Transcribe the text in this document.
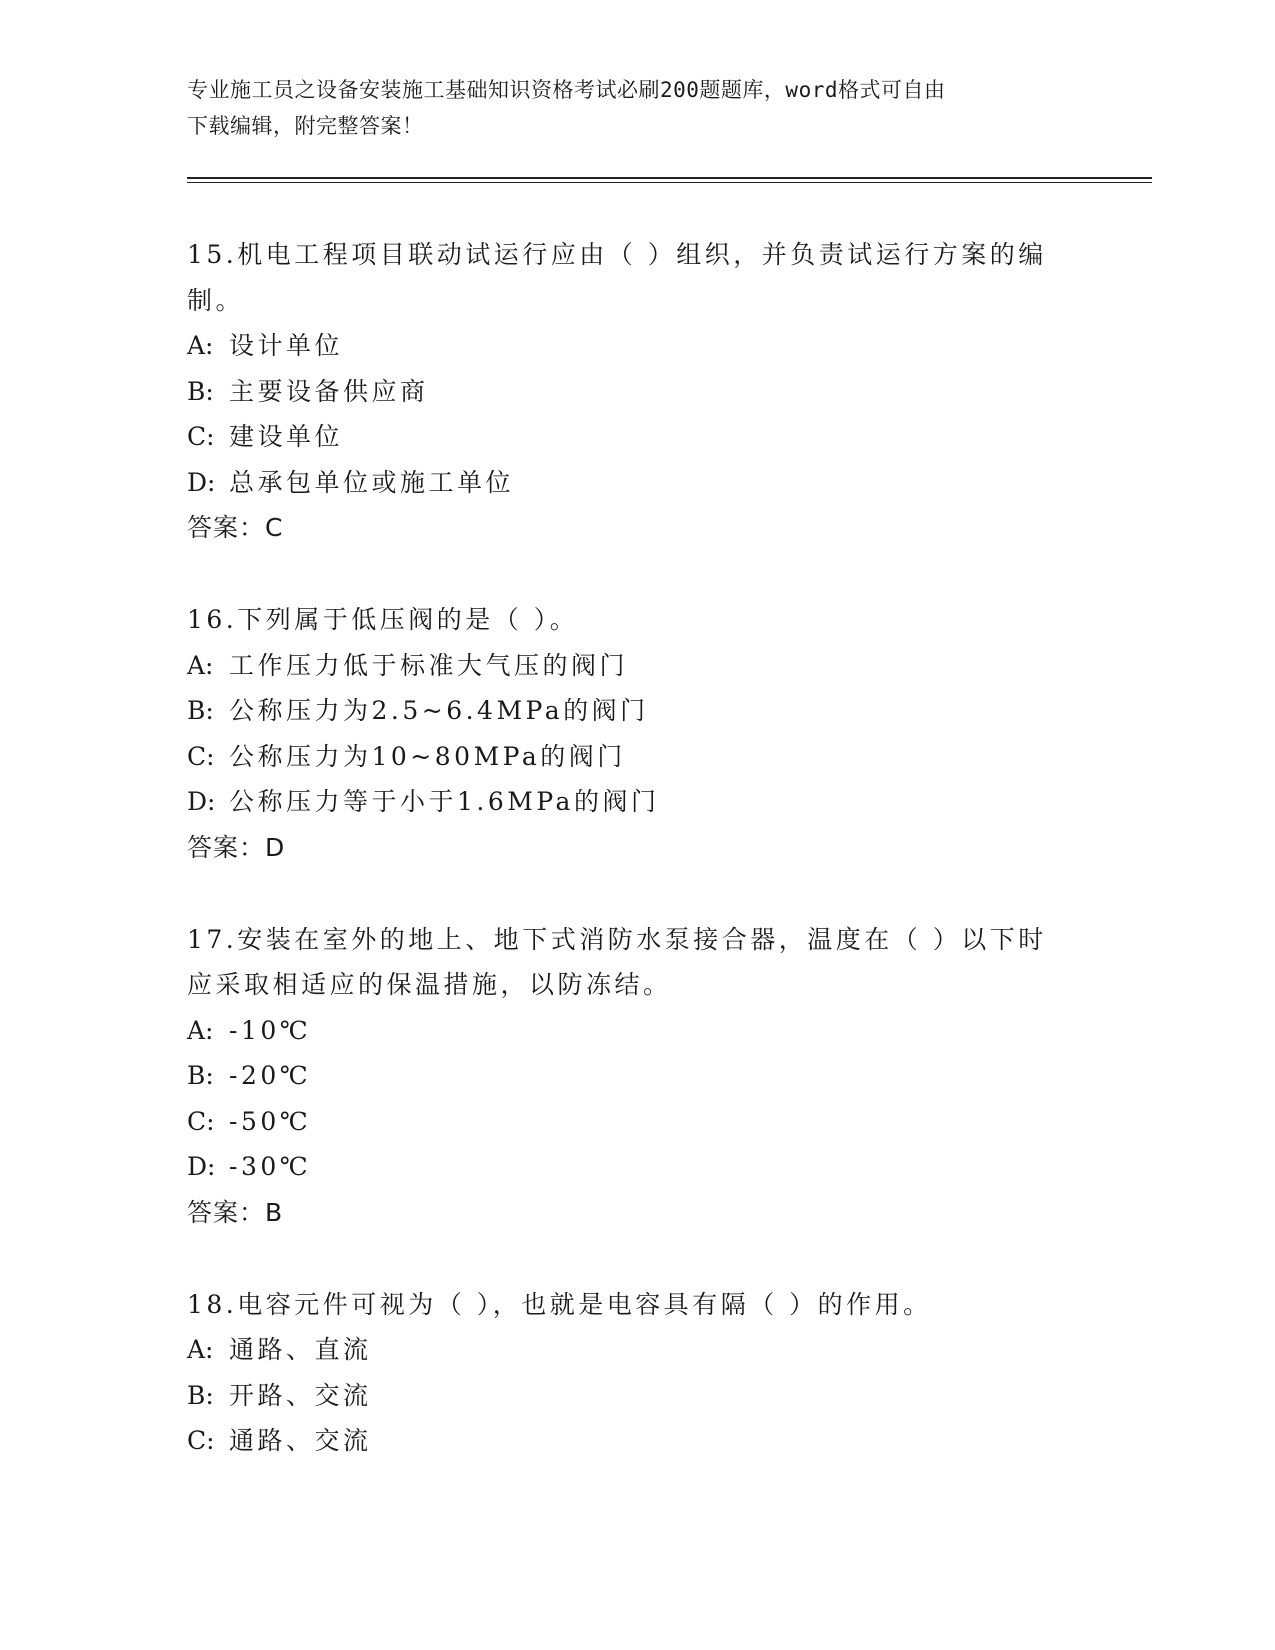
专业施工员之设备安装施工基础知识资格考试必刷200题题库，word格式可自由
下载编辑，附完整答案！
15.机电工程项目联动试运行应由（ ）组织，并负责试运行方案的编
制。
A: 设计单位
B: 主要设备供应商
C: 建设单位
D: 总承包单位或施工单位
答案：C
16.下列属于低压阀的是（ ）。
A: 工作压力低于标准大气压的阀门
B: 公称压力为2.5~6.4MPa的阀门
C: 公称压力为10~80MPa的阀门
D: 公称压力等于小于1.6MPa的阀门
答案：D
17.安装在室外的地上、地下式消防水泵接合器，温度在（ ）以下时
应采取相适应的保温措施，以防冻结。
A: -10℃
B: -20℃
C: -50℃
D: -30℃
答案：B
18.电容元件可视为（ ），也就是电容具有隔（ ）的作用。
A: 通路、直流
B: 开路、交流
C: 通路、交流
